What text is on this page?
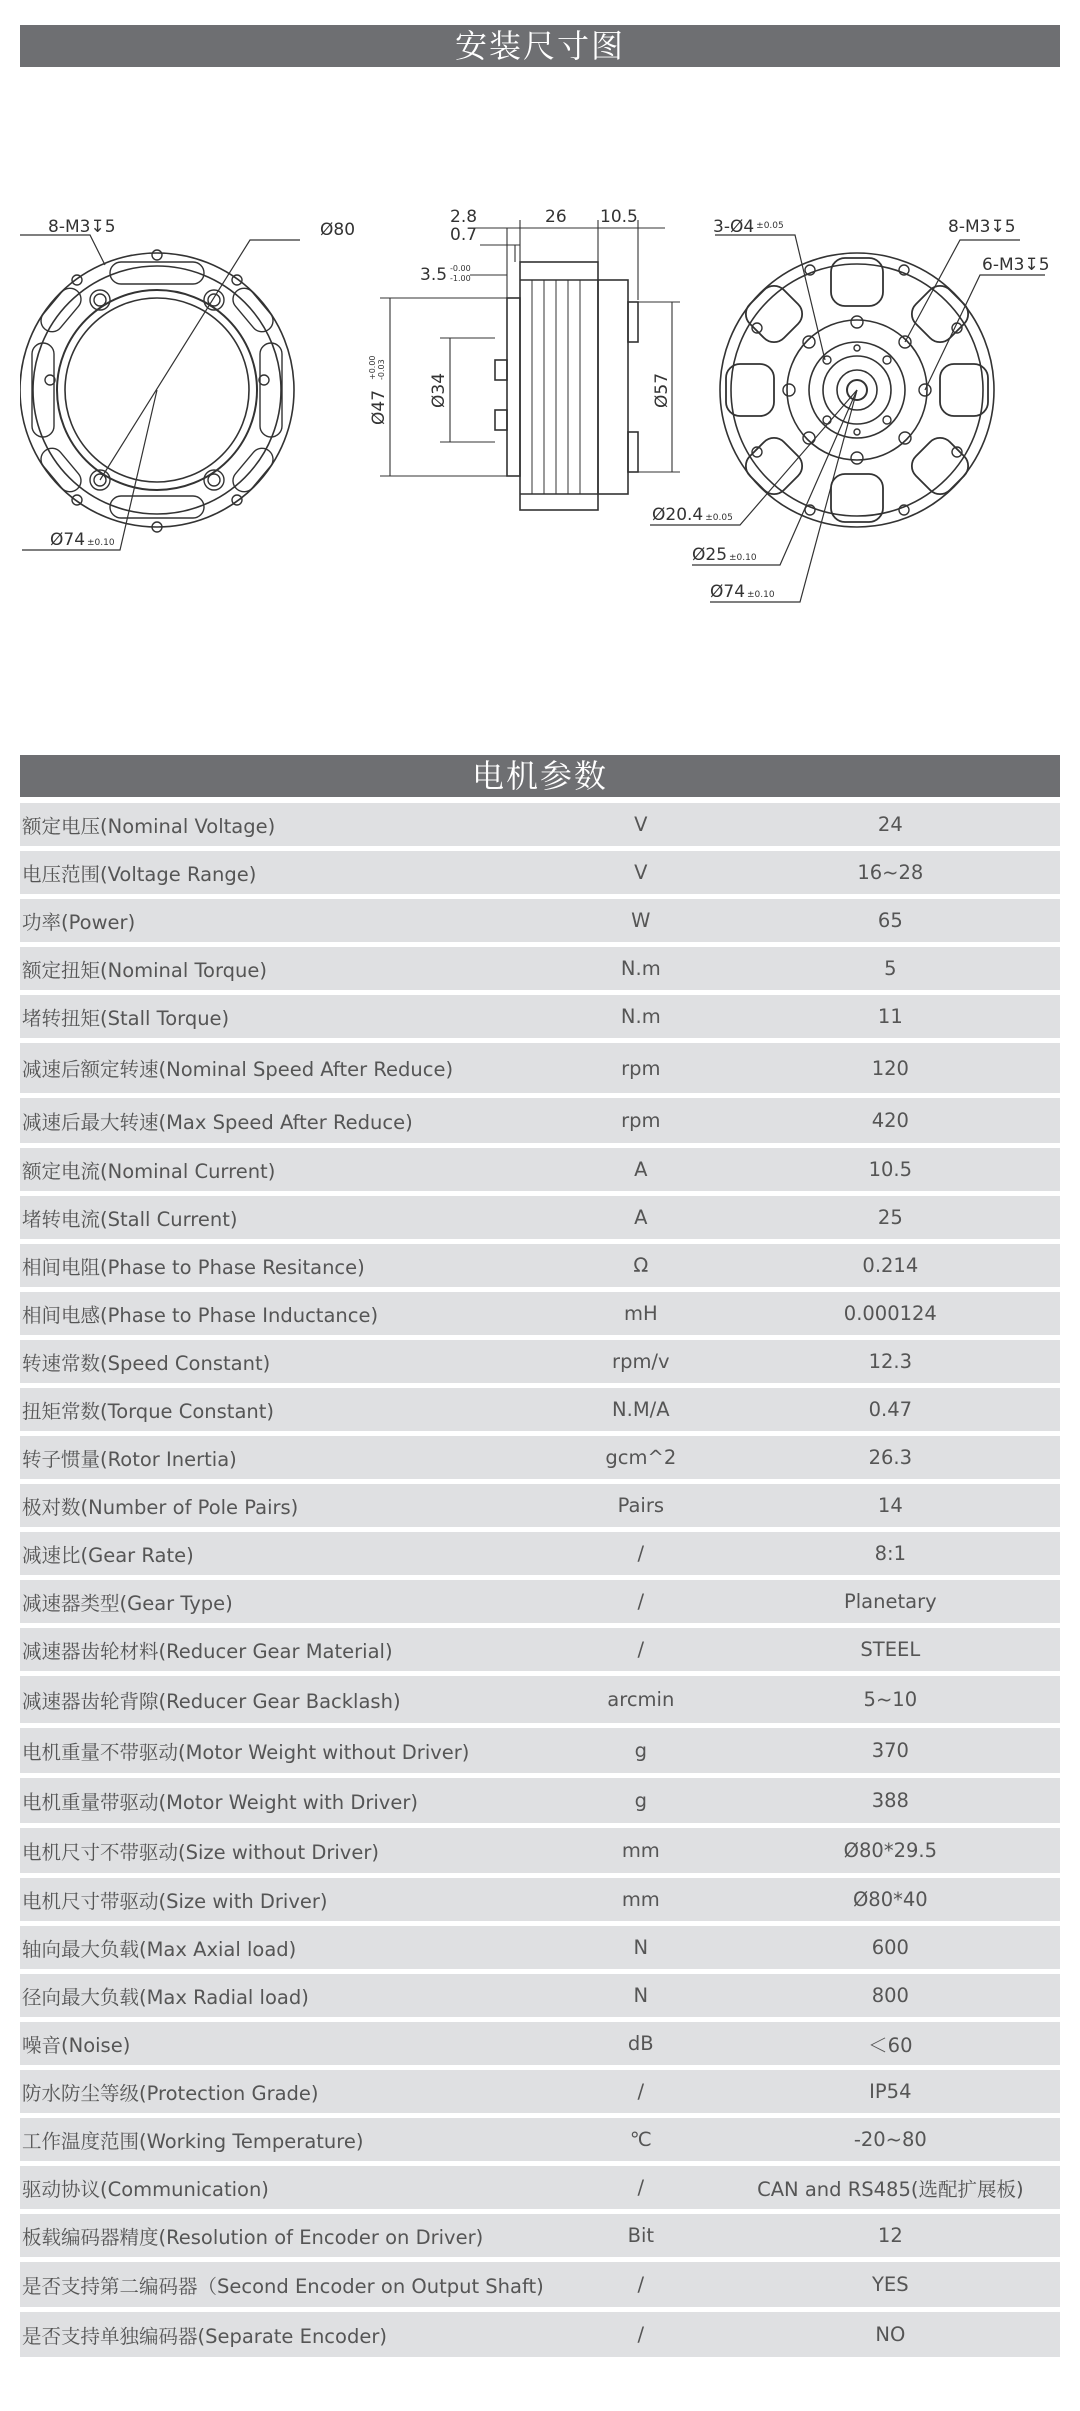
安装尺寸图
8-M3↧5	Ø80
Ø74 ±0.10
2.8
0.7
26 10.5
3.5 -0.00
-1.00
Ø47
+0.00 -0.03
Ø34	Ø57
3-Ø4 $^{\pm 0.05}$	8-M3↧5
6-M3↧5
Ø20.4 ±0.05
Ø25 ±0.10
Ø74 ±0.10
电机参数
额定电压(Nominal Voltage)	V	24
电压范围(Voltage Range)	V	16~28
功率(Power)	W	65
额定扭矩(Nominal Torque)	N.m	5
堵转扭矩(Stall Torque)	N.m	11
减速后额定转速(Nominal Speed After Reduce)	rpm	120
减速后最大转速(Max Speed After Reduce)	rpm	420
额定电流(Nominal Current)	A	10.5
堵转电流(Stall Current)	A	25
相间电阻(Phase to Phase Resitance)	Ω	0.214
相间电感(Phase to Phase Inductance)	mH	0.000124
转速常数(Speed Constant)	rpm/v	12.3
扭矩常数(Torque Constant)	N.M/A	0.47
转子惯量(Rotor Inertia)	gcm^2	26.3
极对数(Number of Pole Pairs)	Pairs	14
减速比(Gear Rate)	/	8:1
减速器类型(Gear Type)	/	Planetary
减速器齿轮材料(Reducer Gear Material)	/	STEEL
减速器齿轮背隙(Reducer Gear Backlash)	arcmin	5~10
电机重量不带驱动(Motor Weight without Driver)	g	370
电机重量带驱动(Motor Weight with Driver)	g	388
电机尺寸不带驱动(Size without Driver)	mm	Ø80*29.5
电机尺寸带驱动(Size with Driver)	mm	Ø80*40
轴向最大负载(Max Axial load)	N	600
径向最大负载(Max Radial load)	N	800
噪音(Noise)	dB	＜60
防水防尘等级(Protection Grade)	/	IP54
工作温度范围(Working Temperature)	℃	-20~80
驱动协议(Communication)	/	CAN and RS485(选配扩展板)
板载编码器精度(Resolution of Encoder on Driver)	Bit	12
是否支持第二编码器（Second Encoder on Output Shaft)	/	YES
是否支持单独编码器(Separate Encoder)	/	NO
